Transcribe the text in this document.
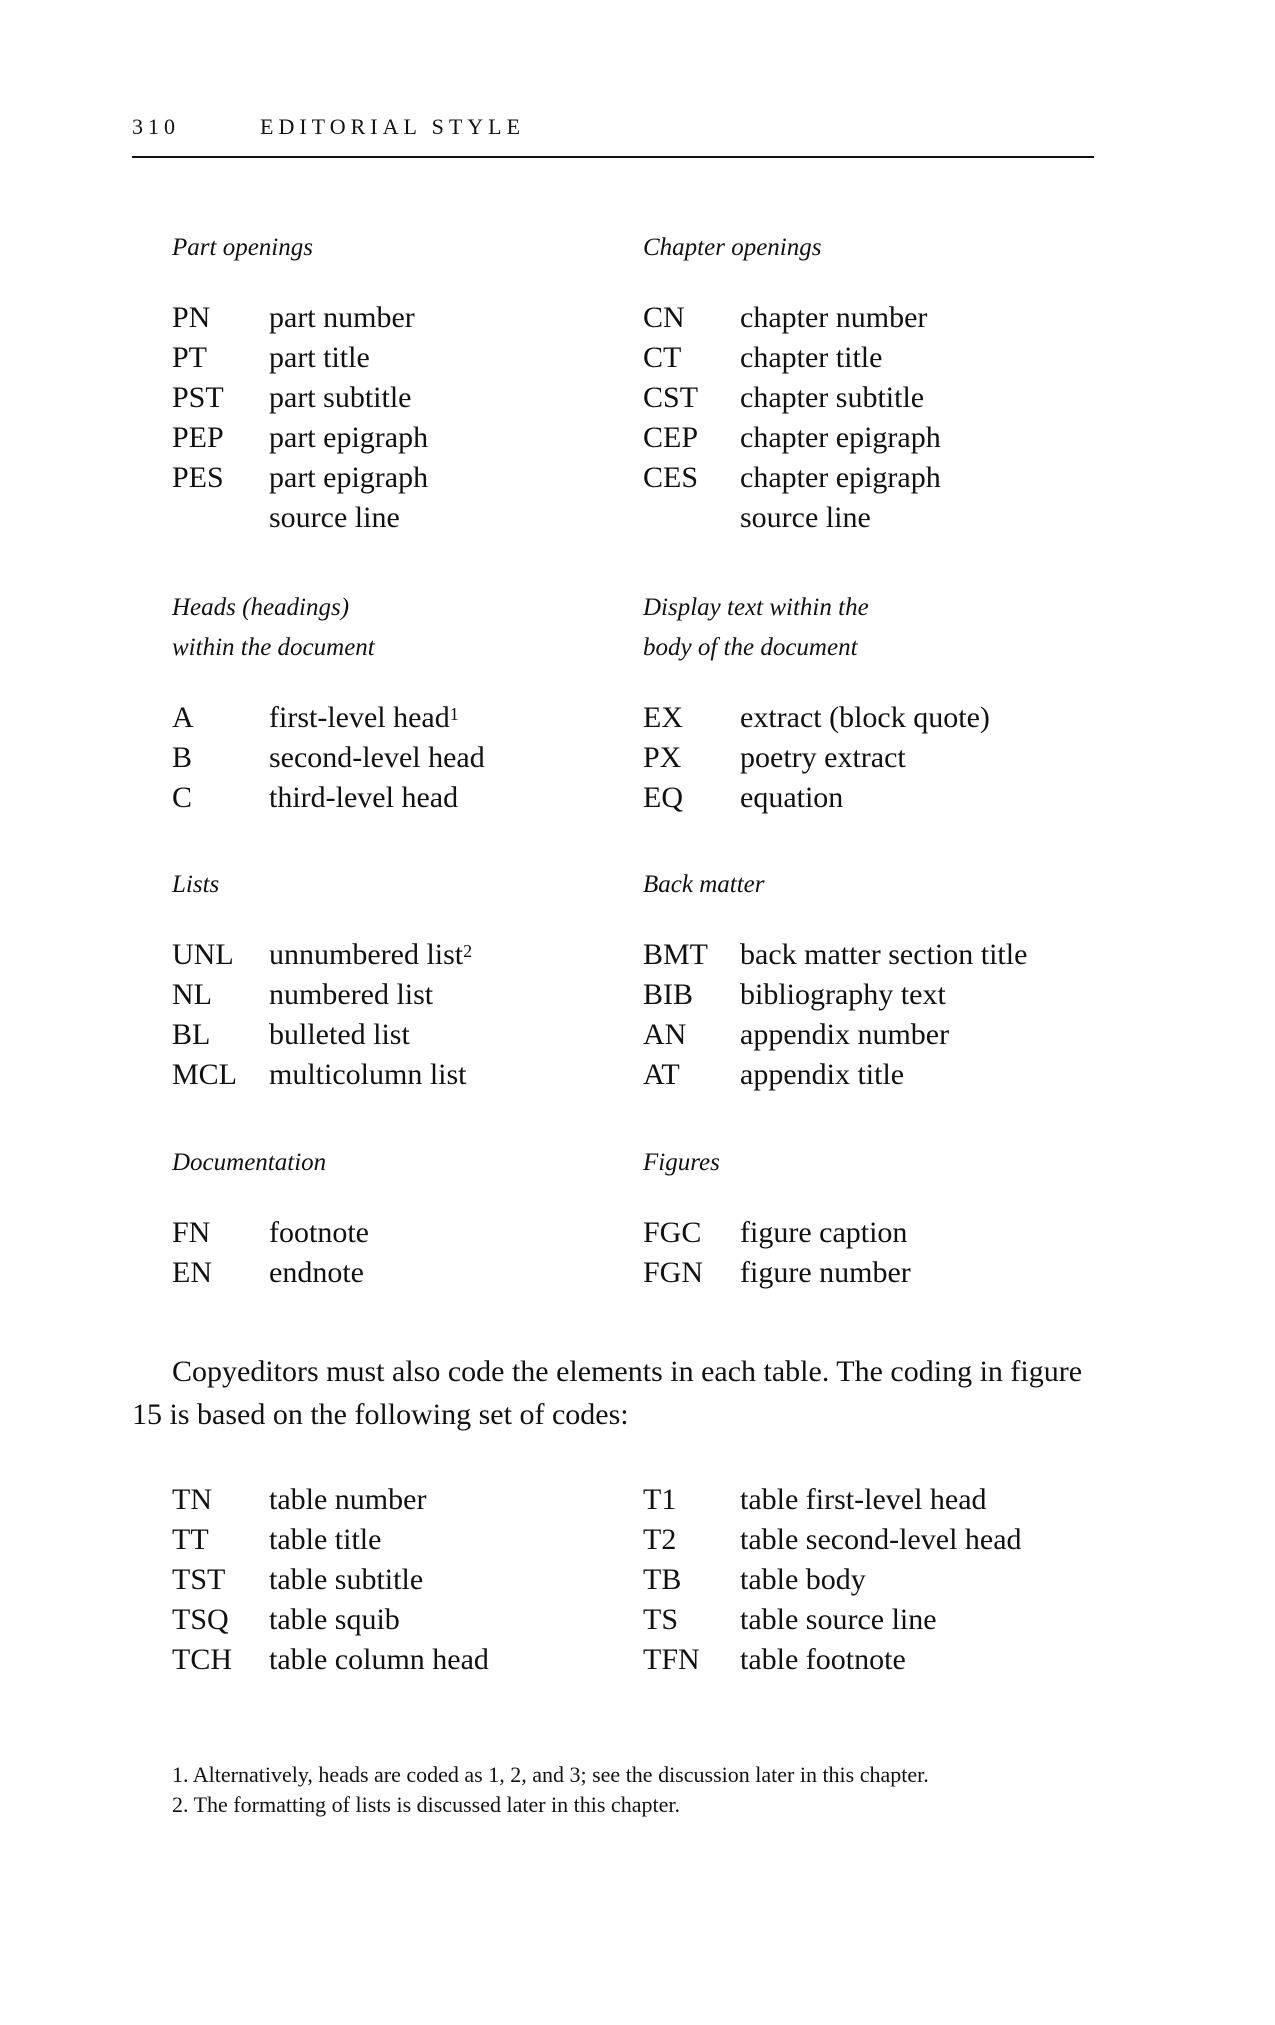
310	EDITORIAL STYLE
Part openings
PN	part number
PT	part title
PST	part subtitle
PEP	part epigraph
PES	part epigraph
source line
Chapter openings
CN	chapter number
CT	chapter title
CST	chapter subtitle
CEP	chapter epigraph
CES	chapter epigraph
source line
Heads (headings)
within the document
A	first-level head$^1$
B	second-level head
C	third-level head
Display text within the
body of the document
EX	extract (block quote)
PX	poetry extract
EQ	equation
Lists
UNL	unnumbered list$^2$
NL	numbered list
BL	bulleted list
MCL	multicolumn list
Back matter
BMT	back matter section title
BIB	bibliography text
AN	appendix number
AT	appendix title
Documentation
FN	footnote
EN	endnote
Figures
FGC	figure caption
FGN	figure number
Copyeditors must also code the elements in each table. The coding in figure
15 is based on the following set of codes:
TN	table number
TT	table title
TST	table subtitle
TSQ	table squib
TCH	table column head
T1	table first-level head
T2	table second-level head
TB	table body
TS	table source line
TFN	table footnote
1. Alternatively, heads are coded as 1, 2, and 3; see the discussion later in this chapter.
2. The formatting of lists is discussed later in this chapter.
